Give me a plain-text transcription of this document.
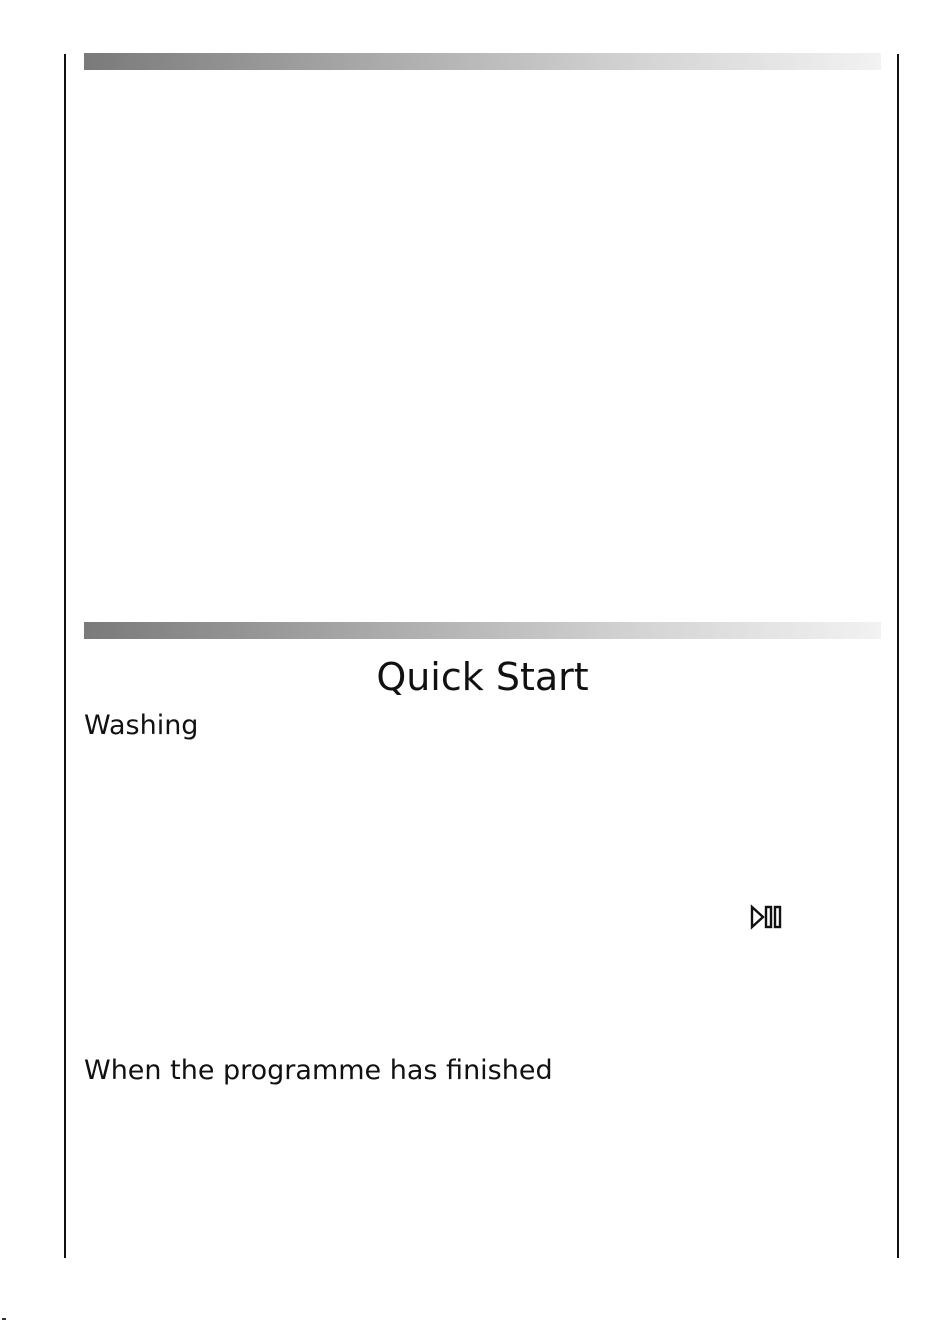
Quick Start
Washing
When the programme has finished
